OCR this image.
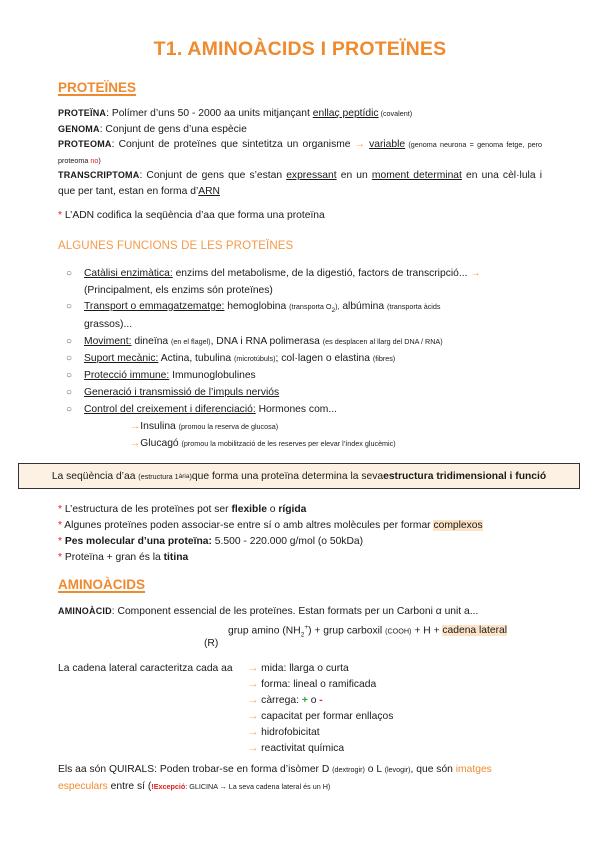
T1. AMINOÀCIDS I PROTEÏNES
PROTEÏNES
PROTEÏNA: Polímer d’uns 50 - 2000 aa units mitjançant enllaç peptídic (covalent)
GENOMA: Conjunt de gens d’una espècie
PROTEOMA: Conjunt de proteïnes que sintetitza un organisme → variable (genoma neurona = genoma fetge, pero proteoma no)
TRANSCRIPTOMA: Conjunt de gens que s’estan expressant en un moment determinat en una cèl·lula i que per tant, estan en forma d’ARN
* L’ADN codifica la seqüència d’aa que forma una proteïna
ALGUNES FUNCIONS DE LES PROTEÏNES
○ Catàlisi enzimàtica: enzims del metabolisme, de la digestió, factors de transcripció... →
(Principalment, els enzims són proteïnes)
○ Transport o emmagatzematge: hemoglobina (transporta $O_2$), albúmina (transporta àcids
grassos)...
○ Moviment: dineïna (en el flagel), DNA i RNA polimerasa (es desplacen al llarg del DNA / RNA)
○ Suport mecànic: Actina, tubulina (microtúbuls); col·lagen o elastina (fibres)
○ Protecció immune: Immunoglobulines
○ Generació i transmissió de l’impuls nerviós
○ Control del creixement i diferenciació: Hormones com...
→Insulina (promou la reserva de glucosa)
→Glucagó (promou la mobilització de les reserves per elevar l’índex glucèmic)
La seqüència d’aa
(estructura 1 ària ) que forma una proteïna determina la seva estructura tridimensional i funció
* L’estructura de les proteïnes pot ser flexible o rígida
* Algunes proteïnes poden associar-se entre sí o amb altres molècules per formar complexos
* Pes molecular d’una proteïna: 5.500 - 220.000 g/mol (o 50kDa)
* Proteïna + gran és la titina
AMINOÀCIDS
AMINOÀCID: Component essencial de les proteïnes. Estan formats per un Carboni α unit a...
grup amino $(NH_2^+)$ + grup carboxil (COOH) + H + cadena lateral
(R)
La cadena lateral caracteritza cada aa → mida: llarga o curta
→ forma: lineal o ramificada
→ càrrega: + o -
→ capacitat per formar enllaços
→ hidrofobicitat
→ reactivitat química
Els aa són QUIRALS: Poden trobar-se en forma d’isòmer D (dextrogir) o L (levogir), que són imatges
especulars entre sí (!Excepció: GLICINA → La seva cadena lateral és un H)
